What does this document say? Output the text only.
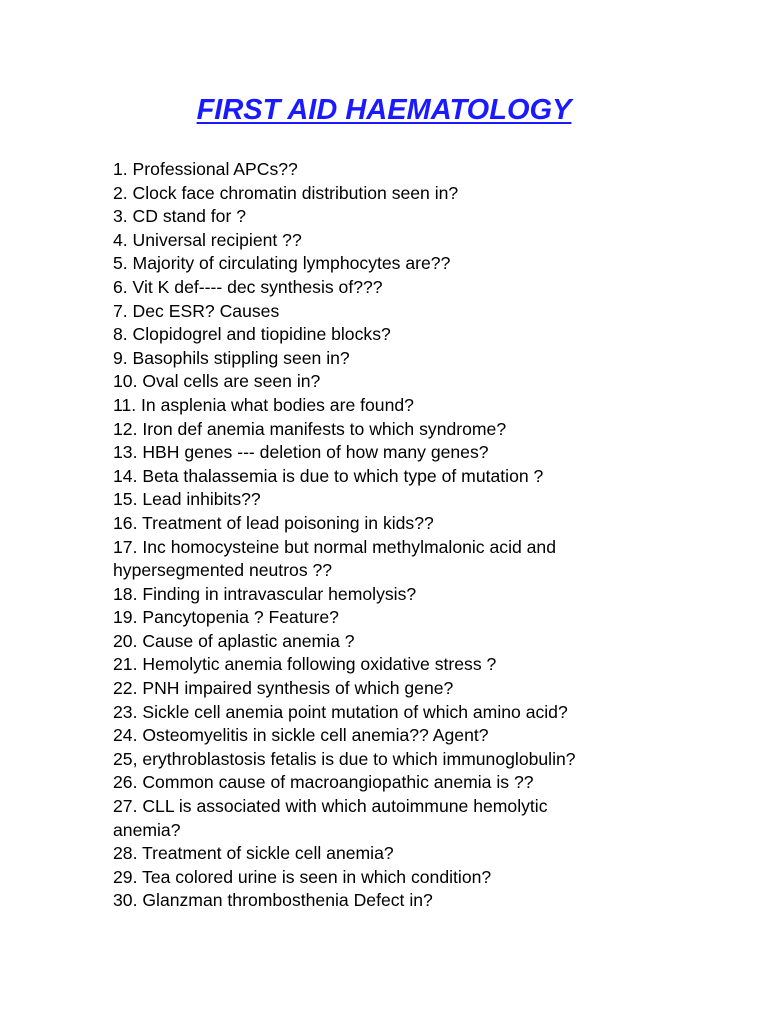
FIRST AID HAEMATOLOGY
1. Professional APCs??
2. Clock face chromatin distribution seen in?
3. CD stand for ?
4. Universal recipient ??
5. Majority of circulating lymphocytes are??
6. Vit K def---- dec synthesis of???
7. Dec ESR? Causes
8. Clopidogrel and tiopidine blocks?
9. Basophils stippling seen in?
10. Oval cells are seen in?
11. In asplenia what bodies are found?
12. Iron def anemia manifests to which syndrome?
13. HBH genes --- deletion of how many genes?
14. Beta thalassemia is due to which type of mutation ?
15. Lead inhibits??
16. Treatment of lead poisoning in kids??
17. Inc homocysteine but normal methylmalonic acid and
hypersegmented neutros ??
18. Finding in intravascular hemolysis?
19. Pancytopenia ? Feature?
20. Cause of aplastic anemia ?
21. Hemolytic anemia following oxidative stress ?
22. PNH impaired synthesis of which gene?
23. Sickle cell anemia point mutation of which amino acid?
24. Osteomyelitis in sickle cell anemia?? Agent?
25, erythroblastosis fetalis is due to which immunoglobulin?
26. Common cause of macroangiopathic anemia is ??
27. CLL is associated with which autoimmune hemolytic
anemia?
28. Treatment of sickle cell anemia?
29. Tea colored urine is seen in which condition?
30. Glanzman thrombosthenia Defect in?
